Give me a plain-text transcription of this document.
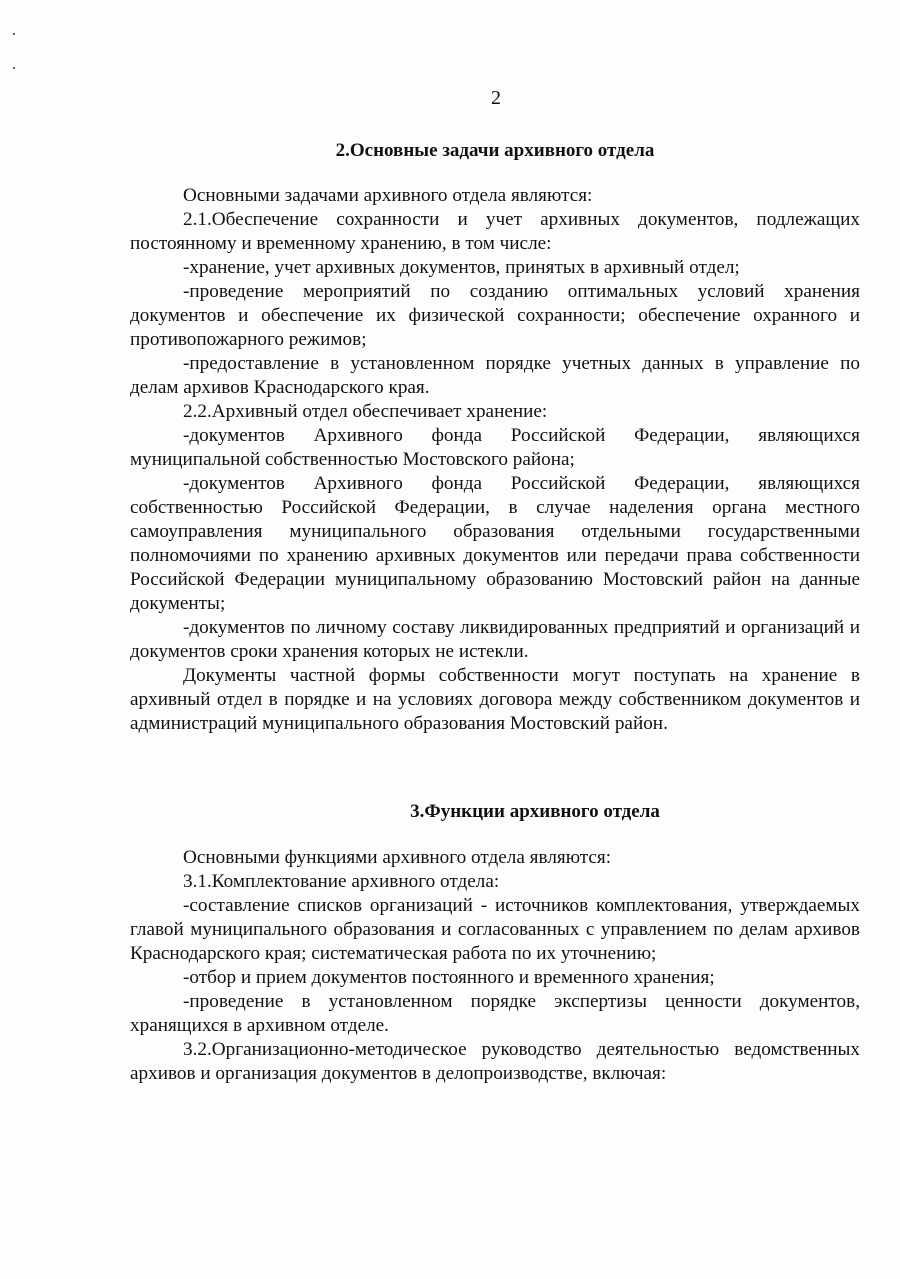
2
2.Основные задачи архивного отдела

Основными задачами архивного отдела являются:

2.1.Обеспечение сохранности и учет архивных документов, подлежащих постоянному и временному хранению, в том числе:

-хранение, учет архивных документов, принятых в архивный отдел;

-проведение мероприятий по созданию оптимальных условий хранения документов и обеспечение их физической сохранности; обеспечение охранного и противопожарного режимов;

-предоставление в установленном порядке учетных данных в управление по делам архивов Краснодарского края.

2.2.Архивный отдел обеспечивает хранение:

-документов Архивного фонда Российской Федерации, являющихся муниципальной собственностью Мостовского района;

-документов Архивного фонда Российской Федерации, являющихся собственностью Российской Федерации, в случае наделения органа местного самоуправления муниципального образования отдельными государственными полномочиями по хранению архивных документов или передачи права собственности Российской Федерации муниципальному образованию Мостовский район на данные документы;

-документов по личному составу ликвидированных предприятий и организаций и документов сроки хранения которых не истекли.

Документы частной формы собственности могут поступать на хранение в архивный отдел в порядке и на условиях договора между собственником документов и администраций муниципального образования Мостовский район.

3.Функции архивного отдела

Основными функциями архивного отдела являются:

3.1.Комплектование архивного отдела:

-составление списков организаций - источников комплектования, утверждаемых главой муниципального образования и согласованных с управлением по делам архивов Краснодарского края; систематическая работа по их уточнению;

-отбор и прием документов постоянного и временного хранения;

-проведение в установленном порядке экспертизы ценности документов, хранящихся в архивном отделе.

3.2.Организационно-методическое руководство деятельностью ведомственных архивов и организация документов в делопроизводстве, включая:
